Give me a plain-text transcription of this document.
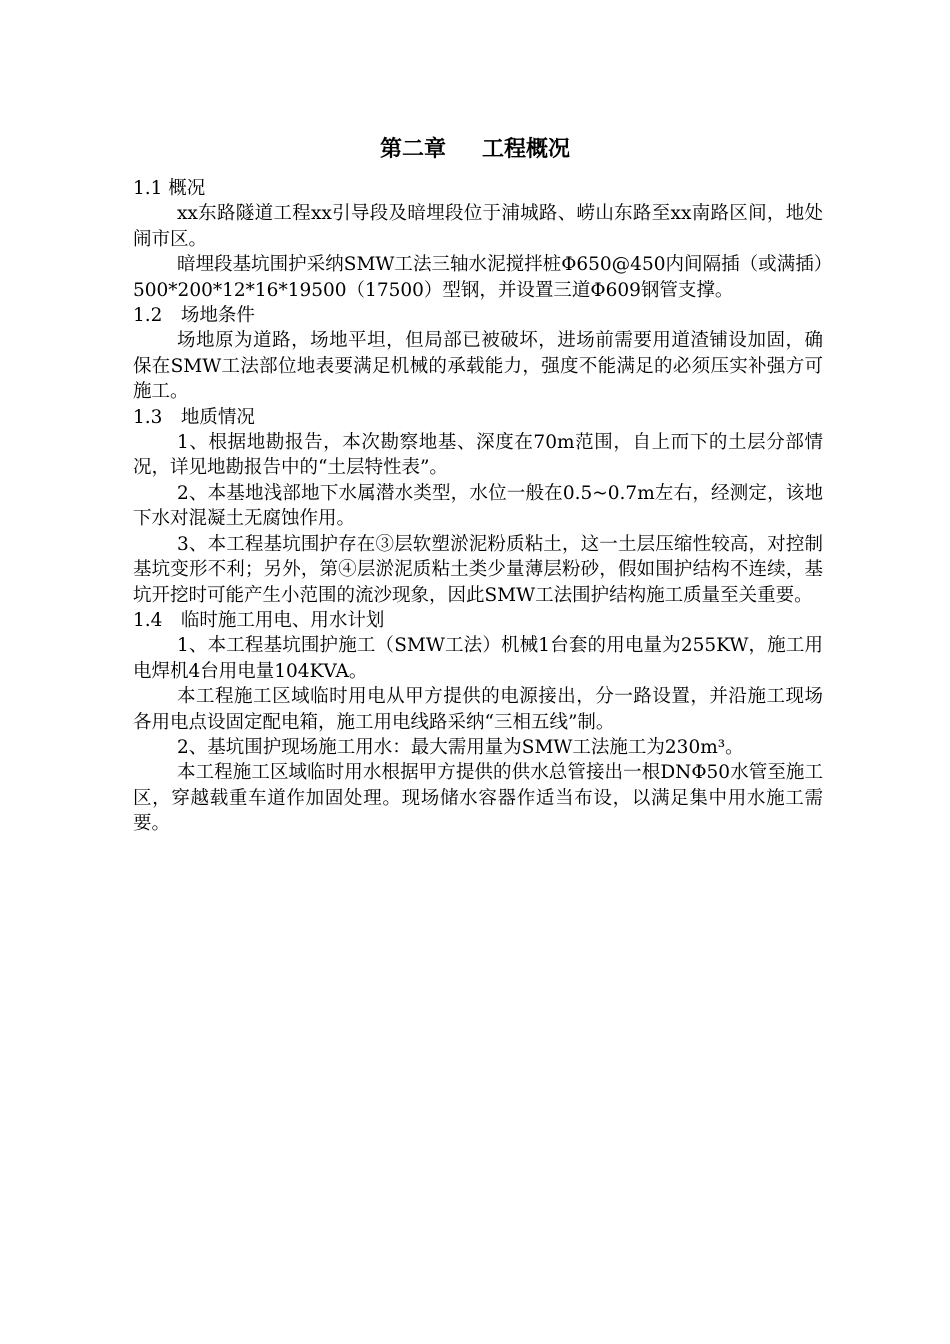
第二章 工程概况

1.1 概况

xx东路隧道工程xx引导段及暗埋段位于浦城路、崂山东路至xx南路区间，地处闹市区。

暗埋段基坑围护采纳SMW工法三轴水泥搅拌桩Φ650@450内间隔插（或满插）500*200*12*16*19500（17500）型钢，并设置三道Φ609钢管支撑。

1.2　场地条件

场地原为道路，场地平坦，但局部已被破坏，进场前需要用道渣铺设加固，确保在SMW工法部位地表要满足机械的承载能力，强度不能满足的必须压实补强方可施工。

1.3　地质情况

1、根据地勘报告，本次勘察地基、深度在70m范围，自上而下的土层分部情况，详见地勘报告中的“土层特性表”。

2、本基地浅部地下水属潜水类型，水位一般在0.5~0.7m左右，经测定，该地下水对混凝土无腐蚀作用。

3、本工程基坑围护存在③层软塑淤泥粉质粘土，这一土层压缩性较高，对控制基坑变形不利；另外，第④层淤泥质粘土类少量薄层粉砂，假如围护结构不连续，基坑开挖时可能产生小范围的流沙现象，因此SMW工法围护结构施工质量至关重要。

1.4　临时施工用电、用水计划

1、本工程基坑围护施工（SMW工法）机械1台套的用电量为255KW，施工用电焊机4台用电量104KVA。

本工程施工区域临时用电从甲方提供的电源接出，分一路设置，并沿施工现场各用电点设固定配电箱，施工用电线路采纳“三相五线”制。

2、基坑围护现场施工用水：最大需用量为SMW工法施工为230m³。

本工程施工区域临时用水根据甲方提供的供水总管接出一根DNΦ50水管至施工区，穿越载重车道作加固处理。现场储水容器作适当布设，以满足集中用水施工需要。
